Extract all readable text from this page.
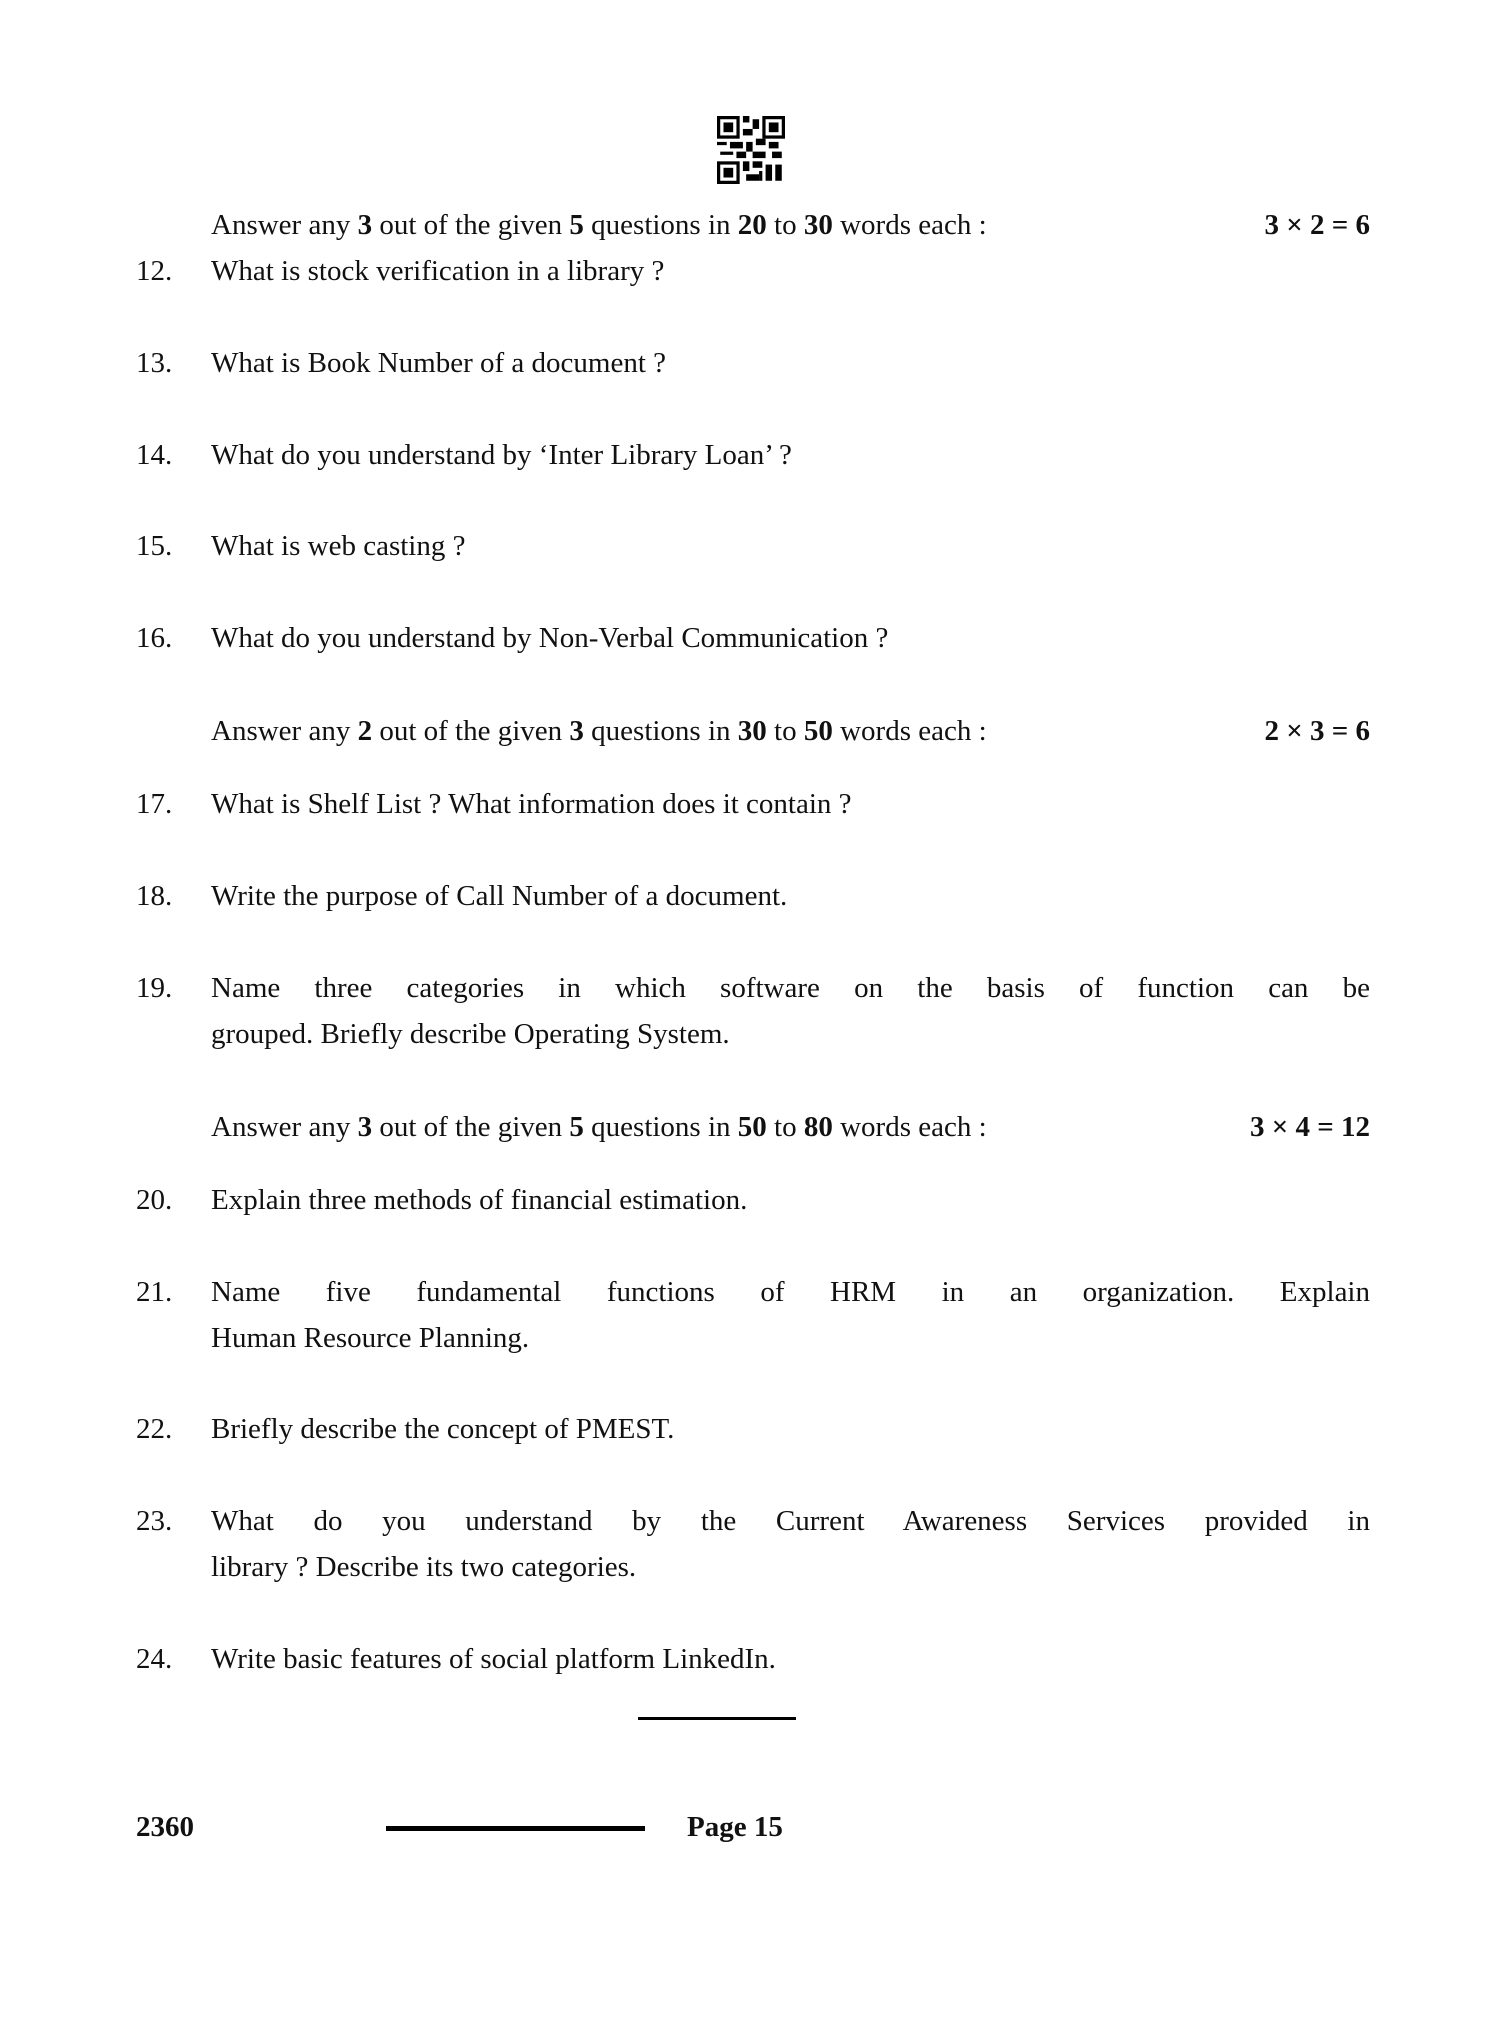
Answer any 3 out of the given 5 questions in 20 to 30 words each :	3 × 2 = 6
12. What is stock verification in a library ?
13. What is Book Number of a document ?
14. What do you understand by ‘Inter Library Loan’ ?
15. What is web casting ?
16. What do you understand by Non-Verbal Communication ?
Answer any 2 out of the given 3 questions in 30 to 50 words each :	2 × 3 = 6
17. What is Shelf List ? What information does it contain ?
18. Write the purpose of Call Number of a document.
19. Name three categories in which software on the basis of function can be
grouped. Briefly describe Operating System.
Answer any 3 out of the given 5 questions in 50 to 80 words each :	3 × 4 = 12
20. Explain three methods of financial estimation.
21. Name five fundamental functions of HRM in an organization. Explain
Human Resource Planning.
22. Briefly describe the concept of PMEST.
23. What do you understand by the Current Awareness Services provided in
library ? Describe its two categories.
24. Write basic features of social platform LinkedIn.
2360	Page 15
